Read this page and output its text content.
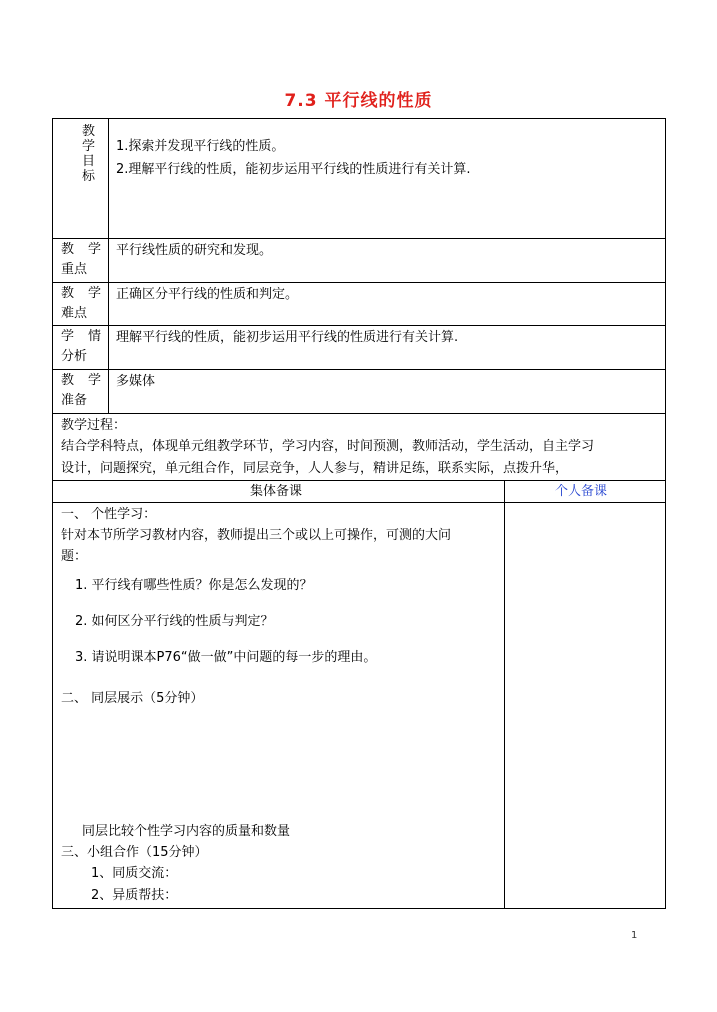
7.3 平行线的性质
教
学
目
标
1.探索并发现平行线的性质。
2.理解平行线的性质，能初步运用平行线的性质进行有关计算.
教 学
重点
平行线性质的研究和发现。
教 学
难点
正确区分平行线的性质和判定。
学 情
分析
理解平行线的性质，能初步运用平行线的性质进行有关计算.
教 学
准备
多媒体
教学过程：
结合学科特点，体现单元组教学环节，学习内容，时间预测，教师活动，学生活动，自主学习
设计，问题探究，单元组合作，同层竞争，人人参与，精讲足练，联系实际，点拨升华，
集体备课	个人备课
一、 个性学习：
针对本节所学习教材内容，教师提出三个或以上可操作，可测的大问
题：
1. 平行线有哪些性质？你是怎么发现的？
2. 如何区分平行线的性质与判定？
3. 请说明课本P76“做一做”中问题的每一步的理由。
二、 同层展示（5分钟）
同层比较个性学习内容的质量和数量
三、小组合作（15分钟）
1、同质交流：
2、异质帮扶：
1
